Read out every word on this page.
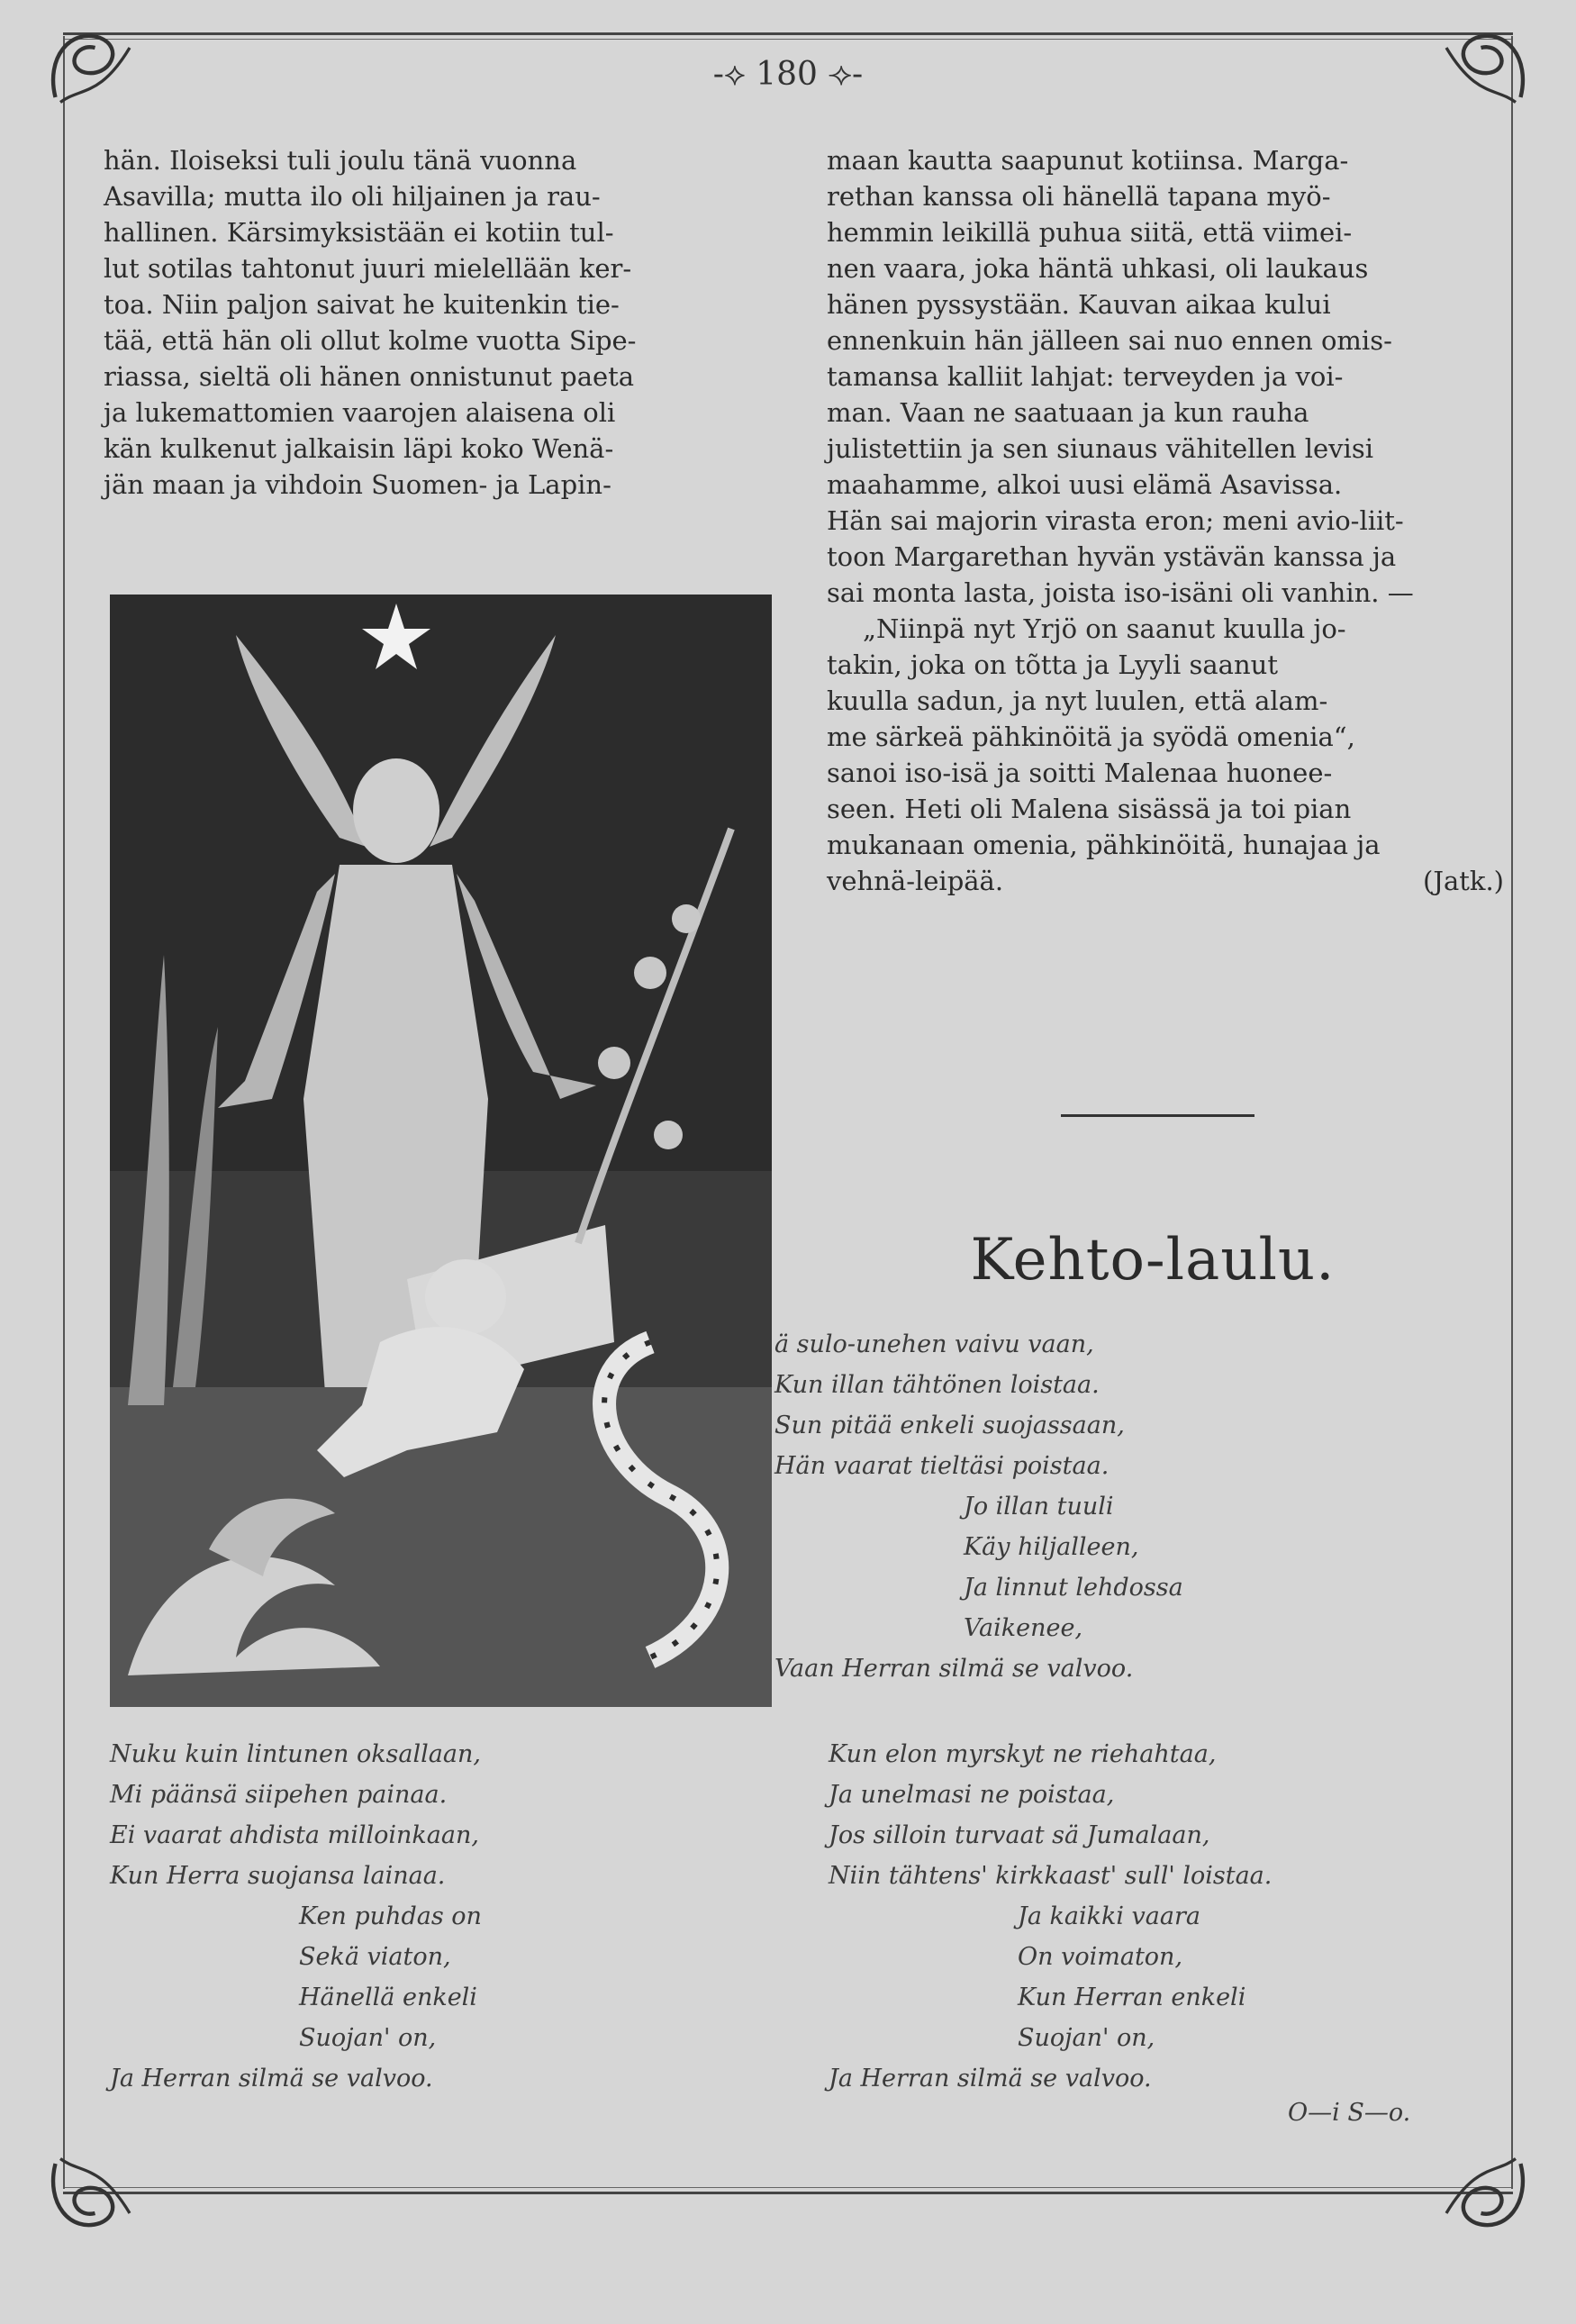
-⟡ 180 ⟢-
hän. Iloiseksi tuli joulu tänä vuonna
Asavilla; mutta ilo oli hiljainen ja rau-
hallinen. Kärsimyksistään ei kotiin tul-
lut sotilas tahtonut juuri mielellään ker-
toa. Niin paljon saivat he kuitenkin tie-
tää, että hän oli ollut kolme vuotta Sipe-
riassa, sieltä oli hänen onnistunut paeta
ja lukemattomien vaarojen alaisena oli
kän kulkenut jalkaisin läpi koko Wenä-
jän maan ja vihdoin Suomen- ja Lapin-
maan kautta saapunut kotiinsa. Marga-
rethan kanssa oli hänellä tapana myö-
hemmin leikillä puhua siitä, että viimei-
nen vaara, joka häntä uhkasi, oli laukaus
hänen pyssystään. Kauvan aikaa kului
ennenkuin hän jälleen sai nuo ennen omis-
tamansa kalliit lahjat: terveyden ja voi-
man. Vaan ne saatuaan ja kun rauha
julistettiin ja sen siunaus vähitellen levisi
maahamme, alkoi uusi elämä Asavissa.
Hän sai majorin virasta eron; meni avio-liit-
toon Margarethan hyvän ystävän kanssa ja
sai monta lasta, joista iso-isäni oli vanhin. —
„Niinpä nyt Yrjö on saanut kuulla jo-
takin, joka on tõtta ja Lyyli saanut
kuulla sadun, ja nyt luulen, että alam-
me särkeä pähkinöitä ja syödä omenia“,
sanoi iso-isä ja soitti Malenaa huonee-
seen. Heti oli Malena sisässä ja toi pian
mukanaan omenia, pähkinöitä, hunajaa ja
vehnä-leipää.	(Jatk.)
Kehto-laulu.
ä sulo-unehen vaivu vaan,
Kun illan tähtönen loistaa.
Sun pitää enkeli suojassaan,
Hän vaarat tieltäsi poistaa.
Jo illan tuuli
Käy hiljalleen,
Ja linnut lehdossa
Vaikenee,
Vaan Herran silmä se valvoo.
Nuku kuin lintunen oksallaan,
Mi päänsä siipehen painaa.
Ei vaarat ahdista milloinkaan,
Kun Herra suojansa lainaa.
Ken puhdas on
Sekä viaton,
Hänellä enkeli
Suojan' on,
Ja Herran silmä se valvoo.
Kun elon myrskyt ne riehahtaa,
Ja unelmasi ne poistaa,
Jos silloin turvaat sä Jumalaan,
Niin tähtens' kirkkaast' sull' loistaa.
Ja kaikki vaara
On voimaton,
Kun Herran enkeli
Suojan' on,
Ja Herran silmä se valvoo.
O—i S—o.
